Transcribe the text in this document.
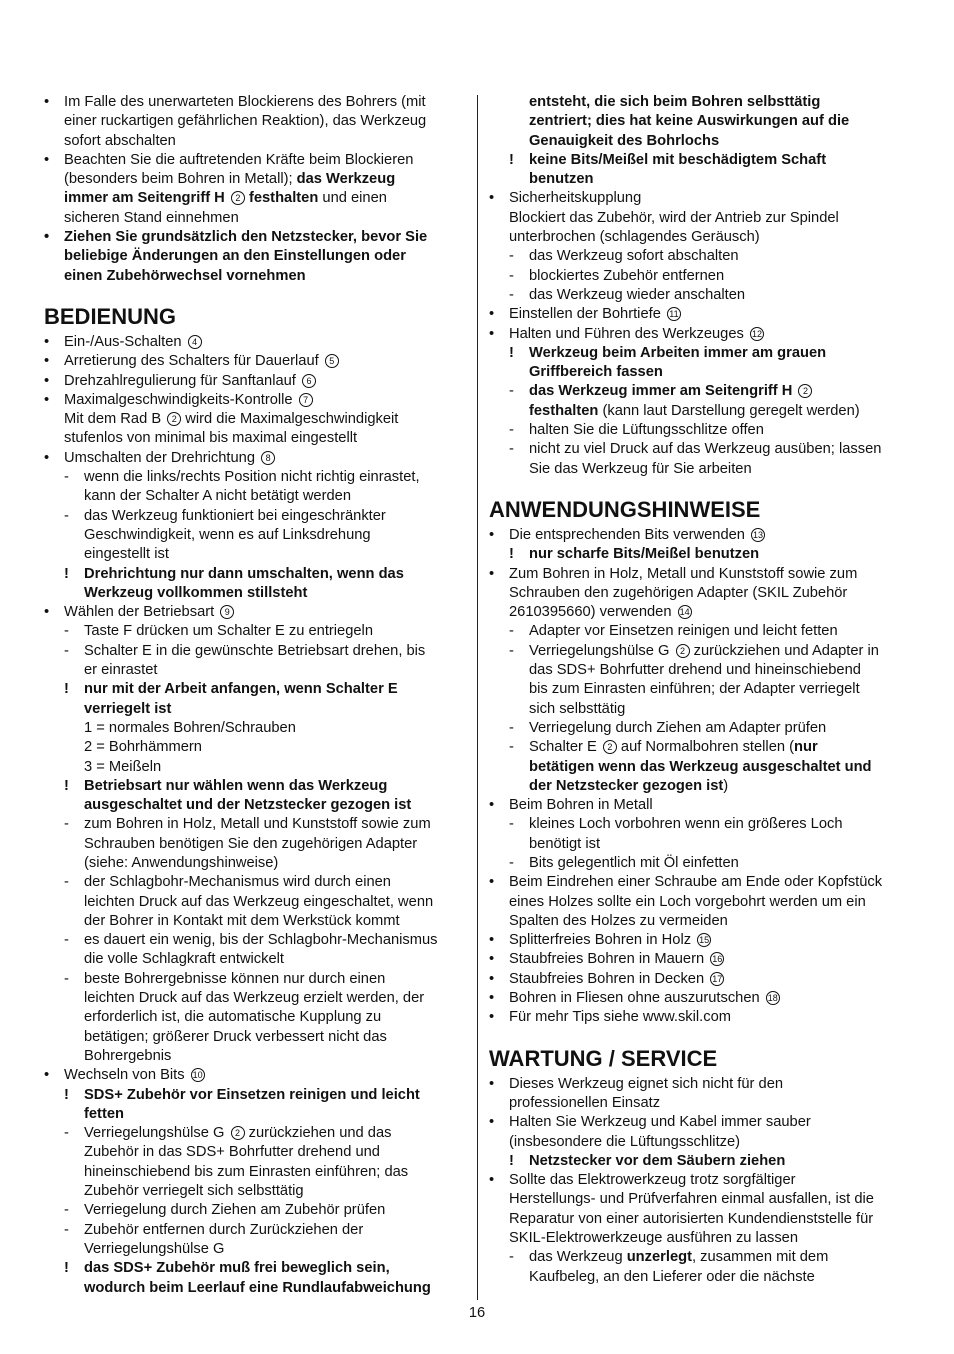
•	Im Falle des unerwarteten Blockierens des Bohrers (mit
einer ruckartigen gefährlichen Reaktion), das Werkzeug
sofort abschalten
•	Beachten Sie die auftretenden Kräfte beim Blockieren
(besonders beim Bohren in Metall); das Werkzeug
immer am Seitengriff H 2 festhalten und einen
sicheren Stand einnehmen
•	Ziehen Sie grundsätzlich den Netzstecker, bevor Sie
beliebige Änderungen an den Einstellungen oder
einen Zubehörwechsel vornehmen
BEDIENUNG
•	Ein-/Aus-Schalten 4
•	Arretierung des Schalters für Dauerlauf 5
•	Drehzahlregulierung für Sanftanlauf 6
•	Maximalgeschwindigkeits-Kontrolle 7
Mit dem Rad B 2 wird die Maximalgeschwindigkeit
stufenlos von minimal bis maximal eingestellt
•	Umschalten der Drehrichtung 8
-	wenn die links/rechts Position nicht richtig einrastet,
kann der Schalter A nicht betätigt werden
-	das Werkzeug funktioniert bei eingeschränkter
Geschwindigkeit, wenn es auf Linksdrehung
eingestellt ist
!	Drehrichtung nur dann umschalten, wenn das
Werkzeug vollkommen stillsteht
•	Wählen der Betriebsart 9
-	Taste F drücken um Schalter E zu entriegeln
-	Schalter E in die gewünschte Betriebsart drehen, bis
er einrastet
!	nur mit der Arbeit anfangen, wenn Schalter E
verriegelt ist
1 = normales Bohren/Schrauben
2 = Bohrhämmern
3 = Meißeln
!	Betriebsart nur wählen wenn das Werkzeug
ausgeschaltet und der Netzstecker gezogen ist
-	zum Bohren in Holz, Metall und Kunststoff sowie zum
Schrauben benötigen Sie den zugehörigen Adapter
(siehe: Anwendungshinweise)
-	der Schlagbohr-Mechanismus wird durch einen
leichten Druck auf das Werkzeug eingeschaltet, wenn
der Bohrer in Kontakt mit dem Werkstück kommt
-	es dauert ein wenig, bis der Schlagbohr-Mechanismus
die volle Schlagkraft entwickelt
-	beste Bohrergebnisse können nur durch einen
leichten Druck auf das Werkzeug erzielt werden, der
erforderlich ist, die automatische Kupplung zu
betätigen; größerer Druck verbessert nicht das
Bohrergebnis
•	Wechseln von Bits 10
!	SDS+ Zubehör vor Einsetzen reinigen und leicht
fetten
-	Verriegelungshülse G 2 zurückziehen und das
Zubehör in das SDS+ Bohrfutter drehend und
hineinschiebend bis zum Einrasten einführen; das
Zubehör verriegelt sich selbsttätig
-	Verriegelung durch Ziehen am Zubehör prüfen
-	Zubehör entfernen durch Zurückziehen der
Verriegelungshülse G
!	das SDS+ Zubehör muß frei beweglich sein,
wodurch beim Leerlauf eine Rundlaufabweichung
entsteht, die sich beim Bohren selbsttätig
zentriert; dies hat keine Auswirkungen auf die
Genauigkeit des Bohrlochs
!	keine Bits/Meißel mit beschädigtem Schaft
benutzen
•	Sicherheitskupplung
Blockiert das Zubehör, wird der Antrieb zur Spindel
unterbrochen (schlagendes Geräusch)
-	das Werkzeug sofort abschalten
-	blockiertes Zubehör entfernen
-	das Werkzeug wieder anschalten
•	Einstellen der Bohrtiefe 11
•	Halten und Führen des Werkzeuges 12
!	Werkzeug beim Arbeiten immer am grauen
Griffbereich fassen
-	das Werkzeug immer am Seitengriff H 2
festhalten (kann laut Darstellung geregelt werden)
-	halten Sie die Lüftungsschlitze offen
-	nicht zu viel Druck auf das Werkzeug ausüben; lassen
Sie das Werkzeug für Sie arbeiten
ANWENDUNGSHINWEISE
•	Die entsprechenden Bits verwenden 13
!	nur scharfe Bits/Meißel benutzen
•	Zum Bohren in Holz, Metall und Kunststoff sowie zum
Schrauben den zugehörigen Adapter (SKIL Zubehör
2610395660) verwenden 14
-	Adapter vor Einsetzen reinigen und leicht fetten
-	Verriegelungshülse G 2 zurückziehen und Adapter in
das SDS+ Bohrfutter drehend und hineinschiebend
bis zum Einrasten einführen; der Adapter verriegelt
sich selbsttätig
-	Verriegelung durch Ziehen am Adapter prüfen
-	Schalter E 2 auf Normalbohren stellen (nur
betätigen wenn das Werkzeug ausgeschaltet und
der Netzstecker gezogen ist)
•	Beim Bohren in Metall
-	kleines Loch vorbohren wenn ein größeres Loch
benötigt ist
-	Bits gelegentlich mit Öl einfetten
•	Beim Eindrehen einer Schraube am Ende oder Kopfstück
eines Holzes sollte ein Loch vorgebohrt werden um ein
Spalten des Holzes zu vermeiden
•	Splitterfreies Bohren in Holz 15
•	Staubfreies Bohren in Mauern 16
•	Staubfreies Bohren in Decken 17
•	Bohren in Fliesen ohne auszurutschen 18
•	Für mehr Tips siehe www.skil.com
WARTUNG / SERVICE
•	Dieses Werkzeug eignet sich nicht für den
professionellen Einsatz
•	Halten Sie Werkzeug und Kabel immer sauber
(insbesondere die Lüftungsschlitze)
!	Netzstecker vor dem Säubern ziehen
•	Sollte das Elektrowerkzeug trotz sorgfältiger
Herstellungs- und Prüfverfahren einmal ausfallen, ist die
Reparatur von einer autorisierten Kundendienststelle für
SKIL-Elektrowerkzeuge ausführen zu lassen
-	das Werkzeug unzerlegt, zusammen mit dem
Kaufbeleg, an den Lieferer oder die nächste
16
